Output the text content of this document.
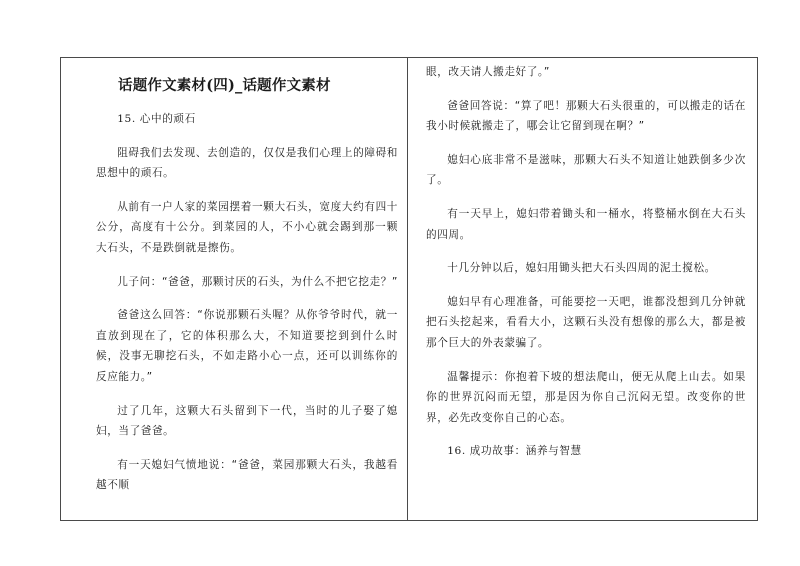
话题作文素材(四)_话题作文素材

15. 心中的顽石

阻碍我们去发现、去创造的，仅仅是我们心理上的障碍和思想中的顽石。

从前有一户人家的菜园摆着一颗大石头，宽度大约有四十公分，高度有十公分。到菜园的人，不小心就会踢到那一颗大石头，不是跌倒就是擦伤。

儿子问：“爸爸，那颗讨厌的石头，为什么不把它挖走？”

爸爸这么回答：“你说那颗石头喔？从你爷爷时代，就一直放到现在了，它的体积那么大，不知道要挖到到什么时候，没事无聊挖石头，不如走路小心一点，还可以训练你的反应能力。”

过了几年，这颗大石头留到下一代，当时的儿子娶了媳妇，当了爸爸。

有一天媳妇气愤地说：“爸爸，菜园那颗大石头，我越看越不顺

眼，改天请人搬走好了。”

爸爸回答说：“算了吧！那颗大石头很重的，可以搬走的话在我小时候就搬走了，哪会让它留到现在啊？”

媳妇心底非常不是滋味，那颗大石头不知道让她跌倒多少次了。

有一天早上，媳妇带着锄头和一桶水，将整桶水倒在大石头的四周。

十几分钟以后，媳妇用锄头把大石头四周的泥土搅松。

媳妇早有心理准备，可能要挖一天吧，谁都没想到几分钟就把石头挖起来，看看大小，这颗石头没有想像的那么大，都是被那个巨大的外表蒙骗了。

温馨提示：你抱着下坡的想法爬山，便无从爬上山去。如果你的世界沉闷而无望，那是因为你自己沉闷无望。改变你的世界，必先改变你自己的心态。

16. 成功故事：涵养与智慧
